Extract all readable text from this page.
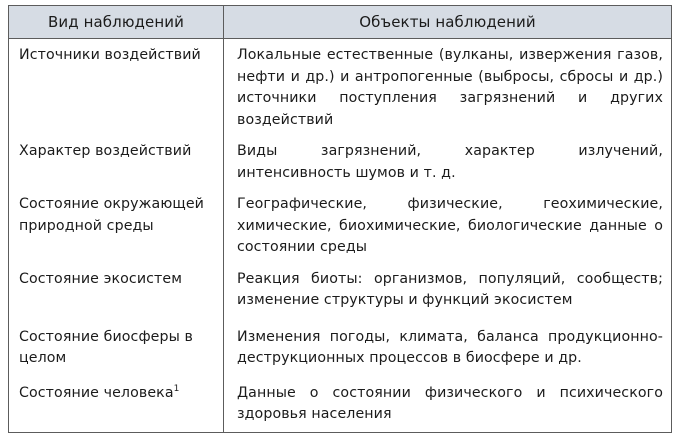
Вид наблюдений	Объекты наблюдений
Источники воздействий	Локальные естественные (вулканы, извержения газов, нефти и др.) и антропогенные (выбросы, сбросы и др.) источники поступления загрязнений и других воздействий
Характер воздействий	Виды загрязнений, характер излучений, интенсивность шумов и т. д.
Состояние окружающей природной среды	Географические, физические, геохимические, химические, биохимические, биологические данные о состоянии среды
Состояние экосистем	Реакция биоты: организмов, популяций, сообществ; изменение структуры и функций экосистем
Состояние биосферы в целом	Изменения погоды, климата, баланса продукционно-деструкционных процессов в биосфере и др.
Состояние человека$^1$	Данные о состоянии физического и психического здоровья населения
